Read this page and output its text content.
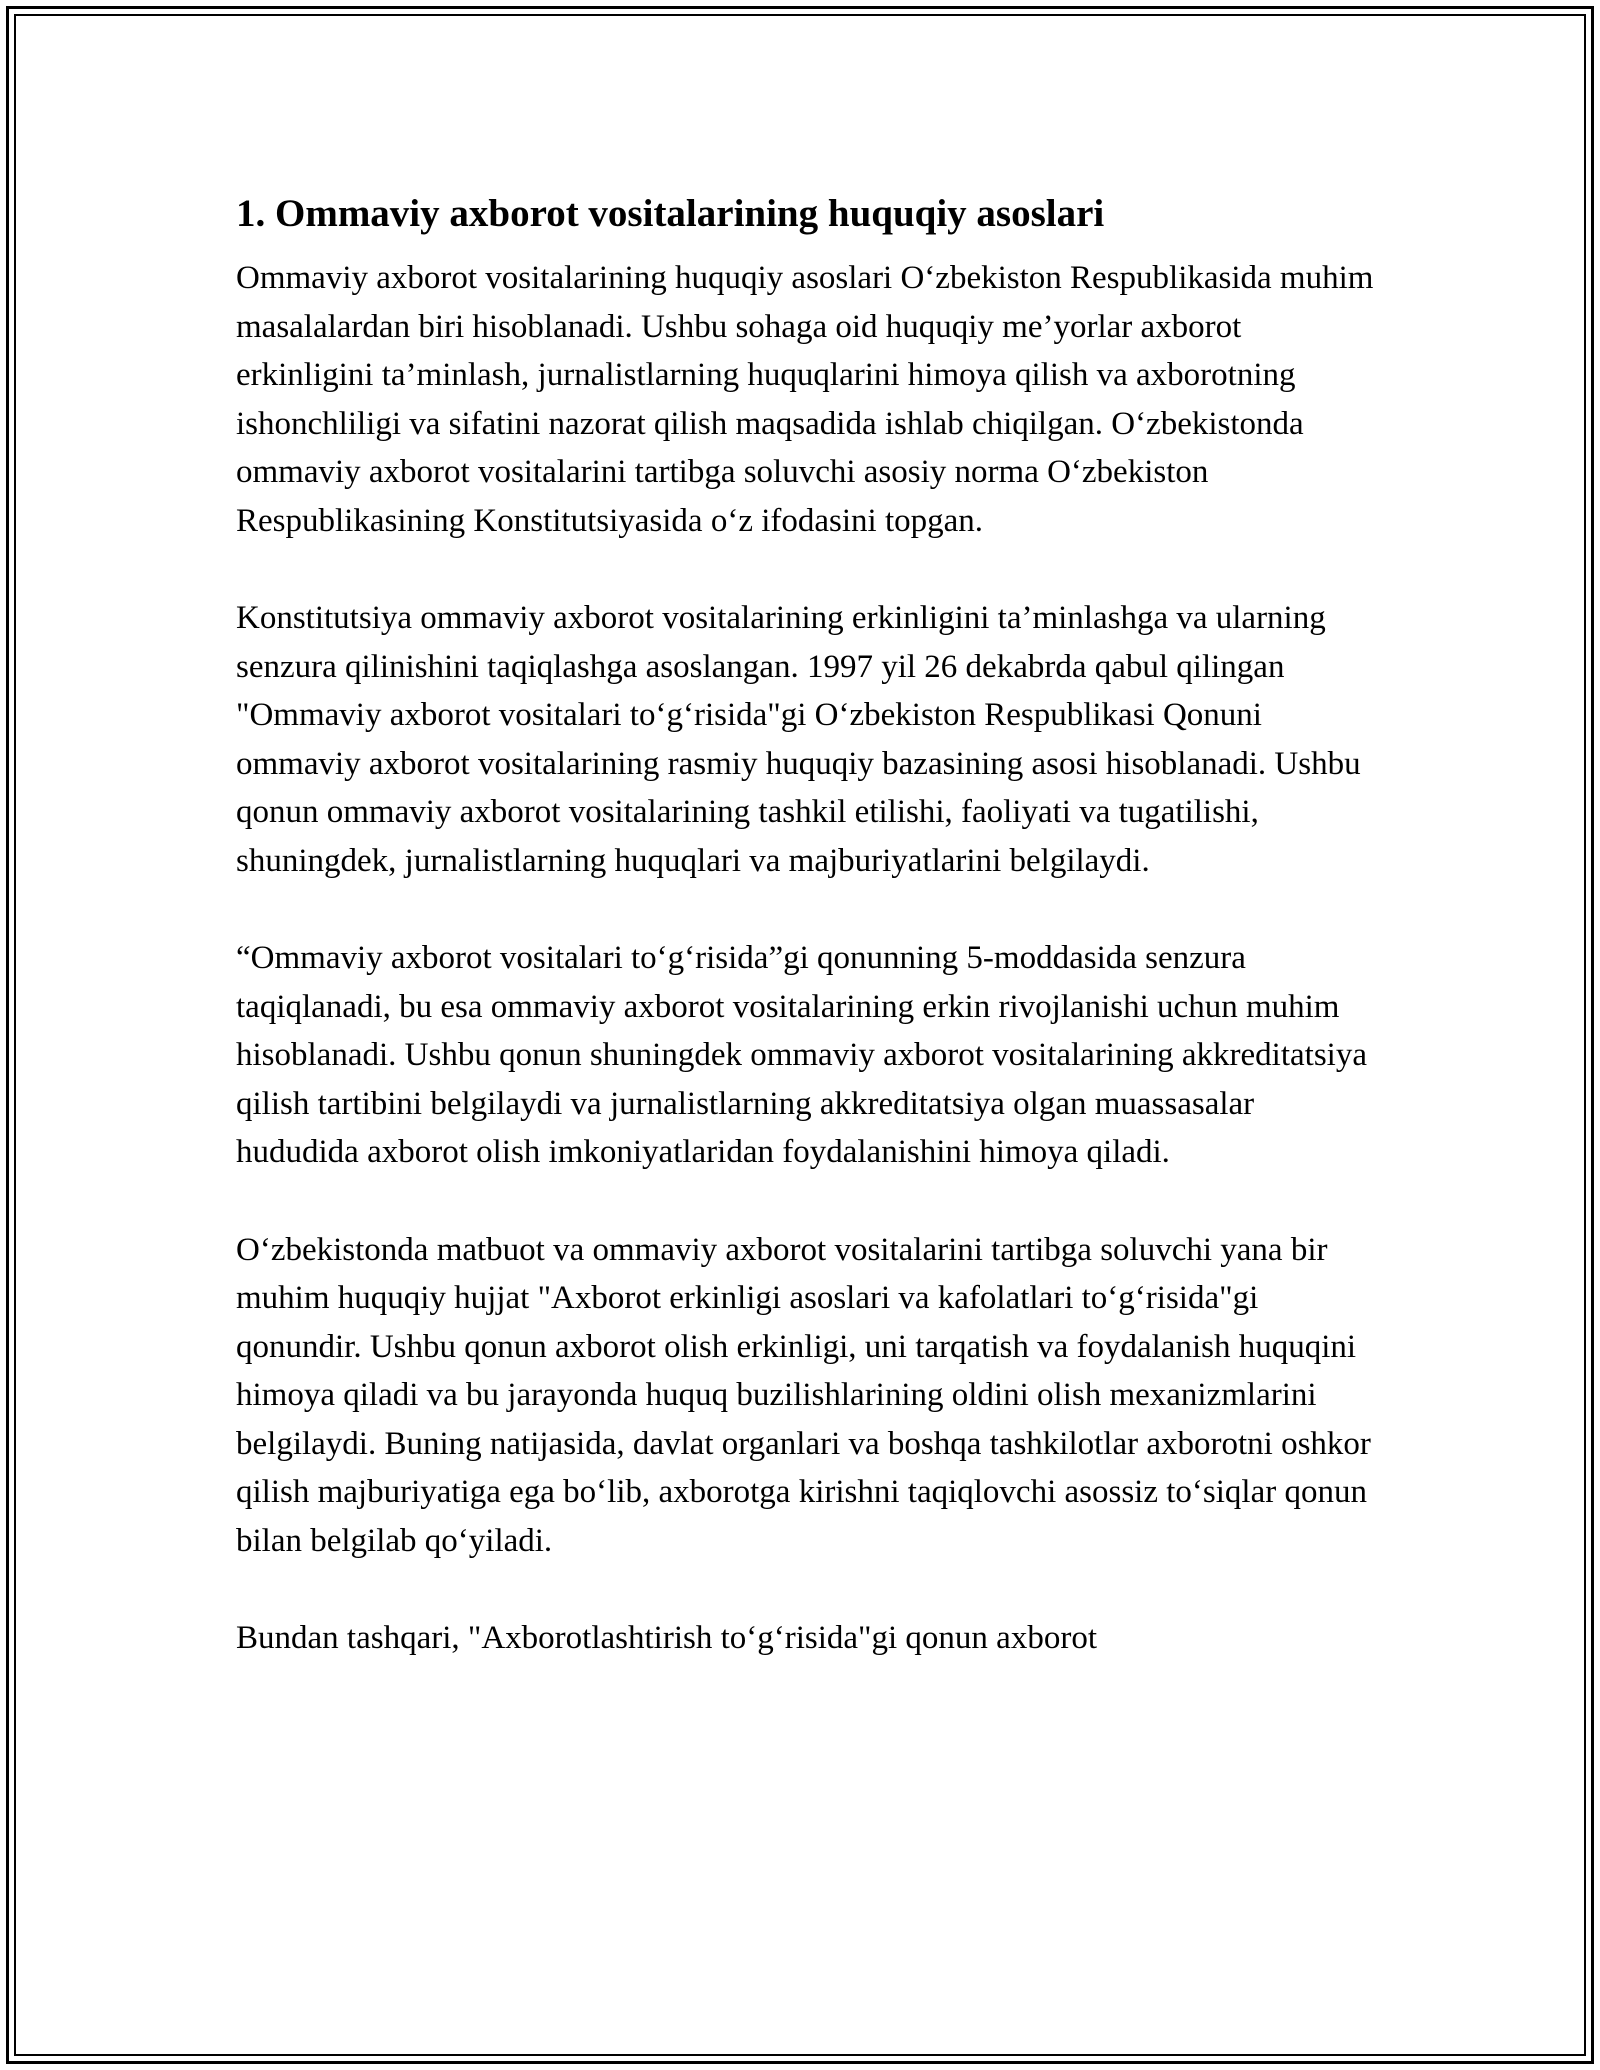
1. Ommaviy axborot vositalarining huquqiy asoslari

Ommaviy axborot vositalarining huquqiy asoslari O‘zbekiston Respublikasida muhim masalalardan biri hisoblanadi. Ushbu sohaga oid huquqiy me’yorlar axborot erkinligini ta’minlash, jurnalistlarning huquqlarini himoya qilish va axborotning ishonchliligi va sifatini nazorat qilish maqsadida ishlab chiqilgan. O‘zbekistonda ommaviy axborot vositalarini tartibga soluvchi asosiy norma O‘zbekiston Respublikasining Konstitutsiyasida o‘z ifodasini topgan.

Konstitutsiya ommaviy axborot vositalarining erkinligini ta’minlashga va ularning senzura qilinishini taqiqlashga asoslangan. 1997 yil 26 dekabrda qabul qilingan "Ommaviy axborot vositalari to‘g‘risida"gi O‘zbekiston Respublikasi Qonuni ommaviy axborot vositalarining rasmiy huquqiy bazasining asosi hisoblanadi. Ushbu qonun ommaviy axborot vositalarining tashkil etilishi, faoliyati va tugatilishi, shuningdek, jurnalistlarning huquqlari va majburiyatlarini belgilaydi.

“Ommaviy axborot vositalari to‘g‘risida”gi qonunning 5-moddasida senzura taqiqlanadi, bu esa ommaviy axborot vositalarining erkin rivojlanishi uchun muhim hisoblanadi. Ushbu qonun shuningdek ommaviy axborot vositalarining akkreditatsiya qilish tartibini belgilaydi va jurnalistlarning akkreditatsiya olgan muassasalar hududida axborot olish imkoniyatlaridan foydalanishini himoya qiladi.

O‘zbekistonda matbuot va ommaviy axborot vositalarini tartibga soluvchi yana bir muhim huquqiy hujjat "Axborot erkinligi asoslari va kafolatlari to‘g‘risida"gi qonundir. Ushbu qonun axborot olish erkinligi, uni tarqatish va foydalanish huquqini himoya qiladi va bu jarayonda huquq buzilishlarining oldini olish mexanizmlarini belgilaydi. Buning natijasida, davlat organlari va boshqa tashkilotlar axborotni oshkor qilish majburiyatiga ega bo‘lib, axborotga kirishni taqiqlovchi asossiz to‘siqlar qonun bilan belgilab qo‘yiladi.

Bundan tashqari, "Axborotlashtirish to‘g‘risida"gi qonun axborot
